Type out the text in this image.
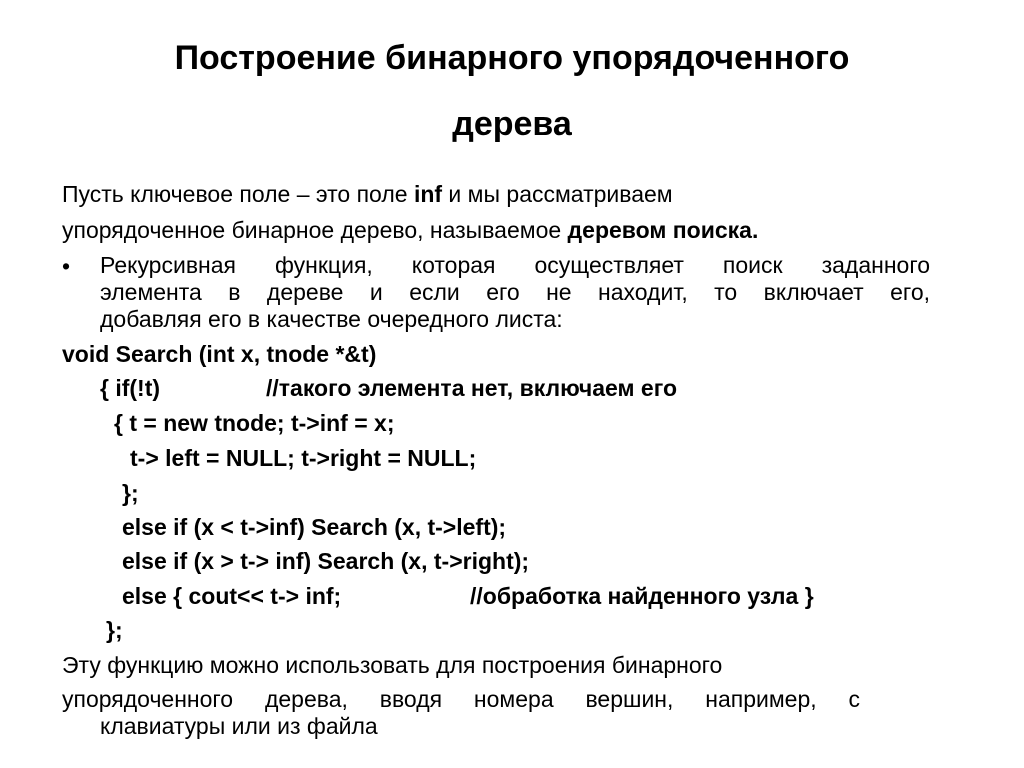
Построение бинарного упорядоченного
дерева
Пусть ключевое поле – это поле inf и мы рассматриваем
упорядоченное бинарное дерево, называемое деревом поиска.
• Рекурсивная функция, которая осуществляет поиск заданного
элемента в дереве и если его не находит, то включает его,
добавляя его в качестве очередного листа:
void Search (int x, tnode *&t)
{ if(!t)	//такого элемента нет, включаем его
{ t = new tnode; t->inf = x;
t-> left = NULL; t->right = NULL;
};
else if (x < t->inf) Search (x, t->left);
else if (x > t-> inf) Search (x, t->right);
else { cout<< t-> inf;	//обработка найденного узла }
};
Эту функцию можно использовать для построения бинарного
упорядоченного дерева, вводя номера вершин, например, с
клавиатуры или из файла
